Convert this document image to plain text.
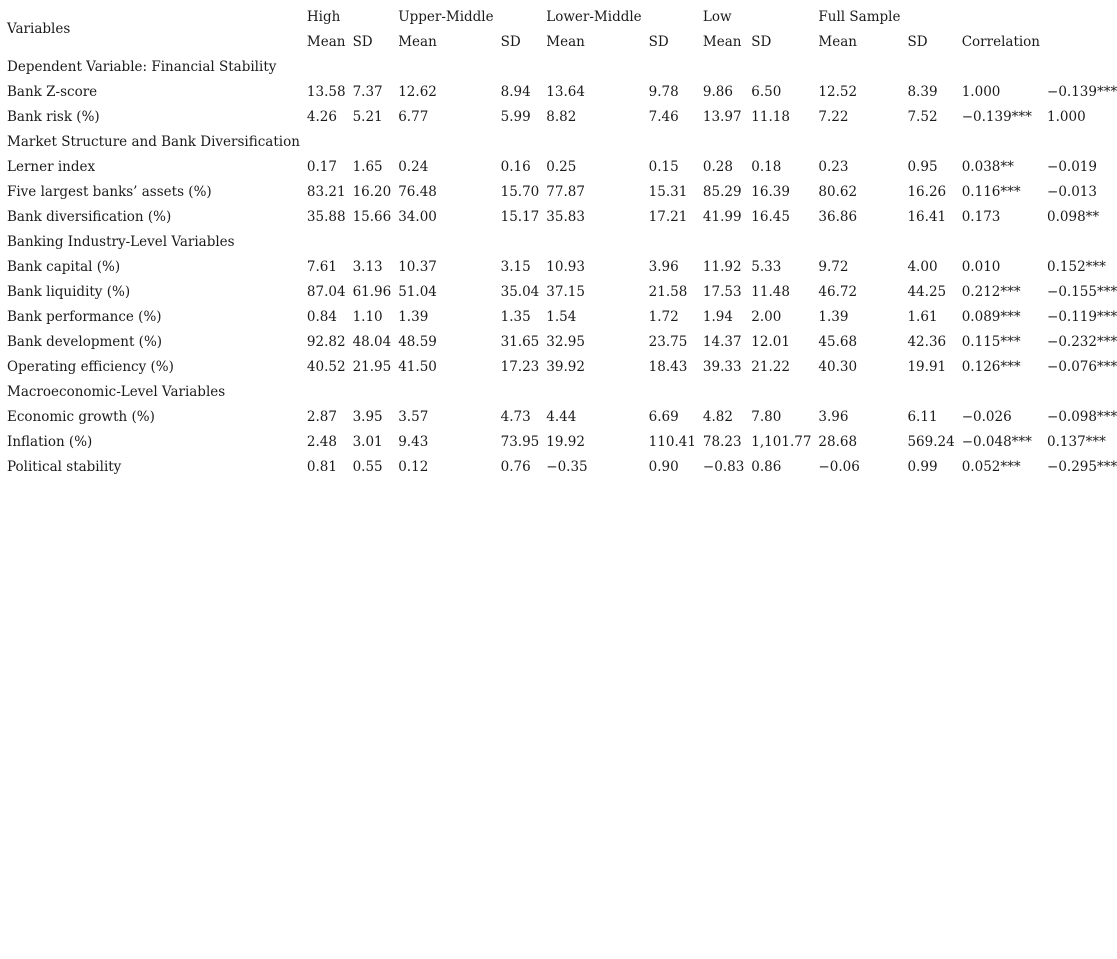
Variables	High		Upper-Middle		Lower-Middle		Low		Full Sample			
	Mean	SD	Mean	SD	Mean	SD	Mean	SD	Mean	SD	Correlation	
Dependent Variable: Financial Stability												
Bank Z-score	13.58	7.37	12.62	8.94	13.64	9.78	9.86	6.50	12.52	8.39	1.000	−0.139***
Bank risk (%)	4.26	5.21	6.77	5.99	8.82	7.46	13.97	11.18	7.22	7.52	−0.139***	1.000
Market Structure and Bank Diversification												
Lerner index	0.17	1.65	0.24	0.16	0.25	0.15	0.28	0.18	0.23	0.95	0.038**	−0.019
Five largest banks’ assets (%)	83.21	16.20	76.48	15.70	77.87	15.31	85.29	16.39	80.62	16.26	0.116***	−0.013
Bank diversification (%)	35.88	15.66	34.00	15.17	35.83	17.21	41.99	16.45	36.86	16.41	0.173	0.098**
Banking Industry-Level Variables												
Bank capital (%)	7.61	3.13	10.37	3.15	10.93	3.96	11.92	5.33	9.72	4.00	0.010	0.152***
Bank liquidity (%)	87.04	61.96	51.04	35.04	37.15	21.58	17.53	11.48	46.72	44.25	0.212***	−0.155***
Bank performance (%)	0.84	1.10	1.39	1.35	1.54	1.72	1.94	2.00	1.39	1.61	0.089***	−0.119***
Bank development (%)	92.82	48.04	48.59	31.65	32.95	23.75	14.37	12.01	45.68	42.36	0.115***	−0.232***
Operating efficiency (%)	40.52	21.95	41.50	17.23	39.92	18.43	39.33	21.22	40.30	19.91	0.126***	−0.076***
Macroeconomic-Level Variables												
Economic growth (%)	2.87	3.95	3.57	4.73	4.44	6.69	4.82	7.80	3.96	6.11	−0.026	−0.098***
Inflation (%)	2.48	3.01	9.43	73.95	19.92	110.41	78.23	1,101.77	28.68	569.24	−0.048***	0.137***
Political stability	0.81	0.55	0.12	0.76	−0.35	0.90	−0.83	0.86	−0.06	0.99	0.052***	−0.295***
